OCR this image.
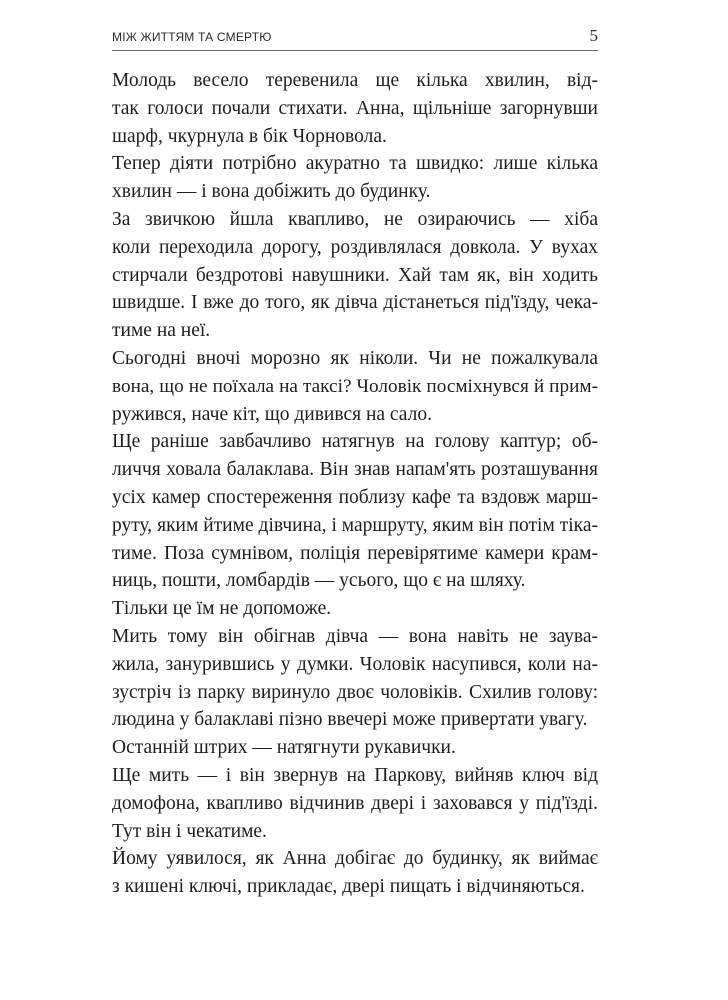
МІЖ ЖИТТЯМ ТА СМЕРТЮ	5

Молодь весело теревенила ще кілька хвилин, від-
так голоси почали стихати. Анна, щільніше загорнувши
шарф, чкурнула в бік Чорновола.

Тепер діяти потрібно акуратно та швидко: лише кілька
хвилин — і вона добіжить до будинку.

За звичкою йшла квапливо, не озираючись — хіба
коли переходила дорогу, роздивлялася довкола. У вухах
стирчали бездротові навушники. Хай там як, він ходить
швидше. І вже до того, як дівча дістанеться під'їзду, чека-
тиме на неї.

Сьогодні вночі морозно як ніколи. Чи не пожалкувала
вона, що не поїхала на таксі? Чоловік посміхнувся й прим-
ружився, наче кіт, що дивився на сало.

Ще раніше завбачливо натягнув на голову каптур; об-
личчя ховала балаклава. Він знав напам'ять розташування
усіх камер спостереження поблизу кафе та вздовж марш-
руту, яким йтиме дівчина, і маршруту, яким він потім тіка-
тиме. Поза сумнівом, поліція перевірятиме камери крам-
ниць, пошти, ломбардів — усього, що є на шляху.

Тільки це їм не допоможе.

Мить тому він обігнав дівча — вона навіть не заува-
жила, занурившись у думки. Чоловік насупився, коли на-
зустріч із парку виринуло двоє чоловіків. Схилив голову:
людина у балаклаві пізно ввечері може привертати увагу.

Останній штрих — натягнути рукавички.

Ще мить — і він звернув на Паркову, вийняв ключ від
домофона, квапливо відчинив двері і заховався у під'їзді.
Тут він і чекатиме.

Йому уявилося, як Анна добігає до будинку, як виймає
з кишені ключі, прикладає, двері пищать і відчиняються.
